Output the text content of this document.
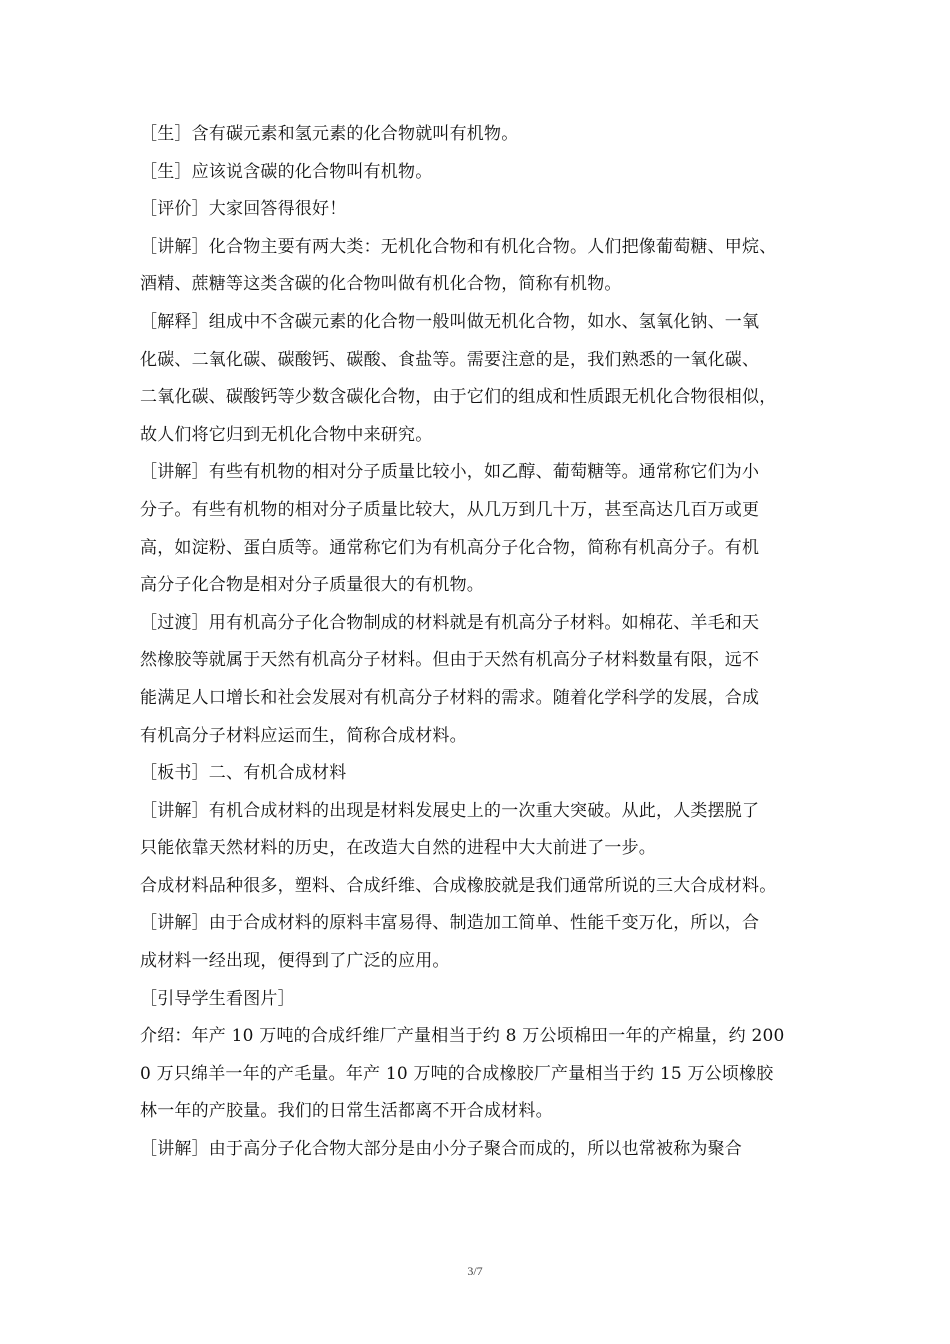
［生］含有碳元素和氢元素的化合物就叫有机物。
［生］应该说含碳的化合物叫有机物。
［评价］大家回答得很好！
［讲解］化合物主要有两大类：无机化合物和有机化合物。人们把像葡萄糖、甲烷、
酒精、蔗糖等这类含碳的化合物叫做有机化合物，简称有机物。
［解释］组成中不含碳元素的化合物一般叫做无机化合物，如水、氢氧化钠、一氧
化碳、二氧化碳、碳酸钙、碳酸、食盐等。需要注意的是，我们熟悉的一氧化碳、
二氧化碳、碳酸钙等少数含碳化合物，由于它们的组成和性质跟无机化合物很相似，
故人们将它归到无机化合物中来研究。
［讲解］有些有机物的相对分子质量比较小，如乙醇、葡萄糖等。通常称它们为小
分子。有些有机物的相对分子质量比较大，从几万到几十万，甚至高达几百万或更
高，如淀粉、蛋白质等。通常称它们为有机高分子化合物，简称有机高分子。有机
高分子化合物是相对分子质量很大的有机物。
［过渡］用有机高分子化合物制成的材料就是有机高分子材料。如棉花、羊毛和天
然橡胶等就属于天然有机高分子材料。但由于天然有机高分子材料数量有限，远不
能满足人口增长和社会发展对有机高分子材料的需求。随着化学科学的发展，合成
有机高分子材料应运而生，简称合成材料。
［板书］二、有机合成材料
［讲解］有机合成材料的出现是材料发展史上的一次重大突破。从此，人类摆脱了
只能依靠天然材料的历史，在改造大自然的进程中大大前进了一步。
合成材料品种很多，塑料、合成纤维、合成橡胶就是我们通常所说的三大合成材料。
［讲解］由于合成材料的原料丰富易得、制造加工简单、性能千变万化，所以，合
成材料一经出现，便得到了广泛的应用。
［引导学生看图片］
介绍：年产 10 万吨的合成纤维厂产量相当于约 8 万公顷棉田一年的产棉量，约 200
0 万只绵羊一年的产毛量。年产 10 万吨的合成橡胶厂产量相当于约 15 万公顷橡胶
林一年的产胶量。我们的日常生活都离不开合成材料。
［讲解］由于高分子化合物大部分是由小分子聚合而成的，所以也常被称为聚合
3/7
